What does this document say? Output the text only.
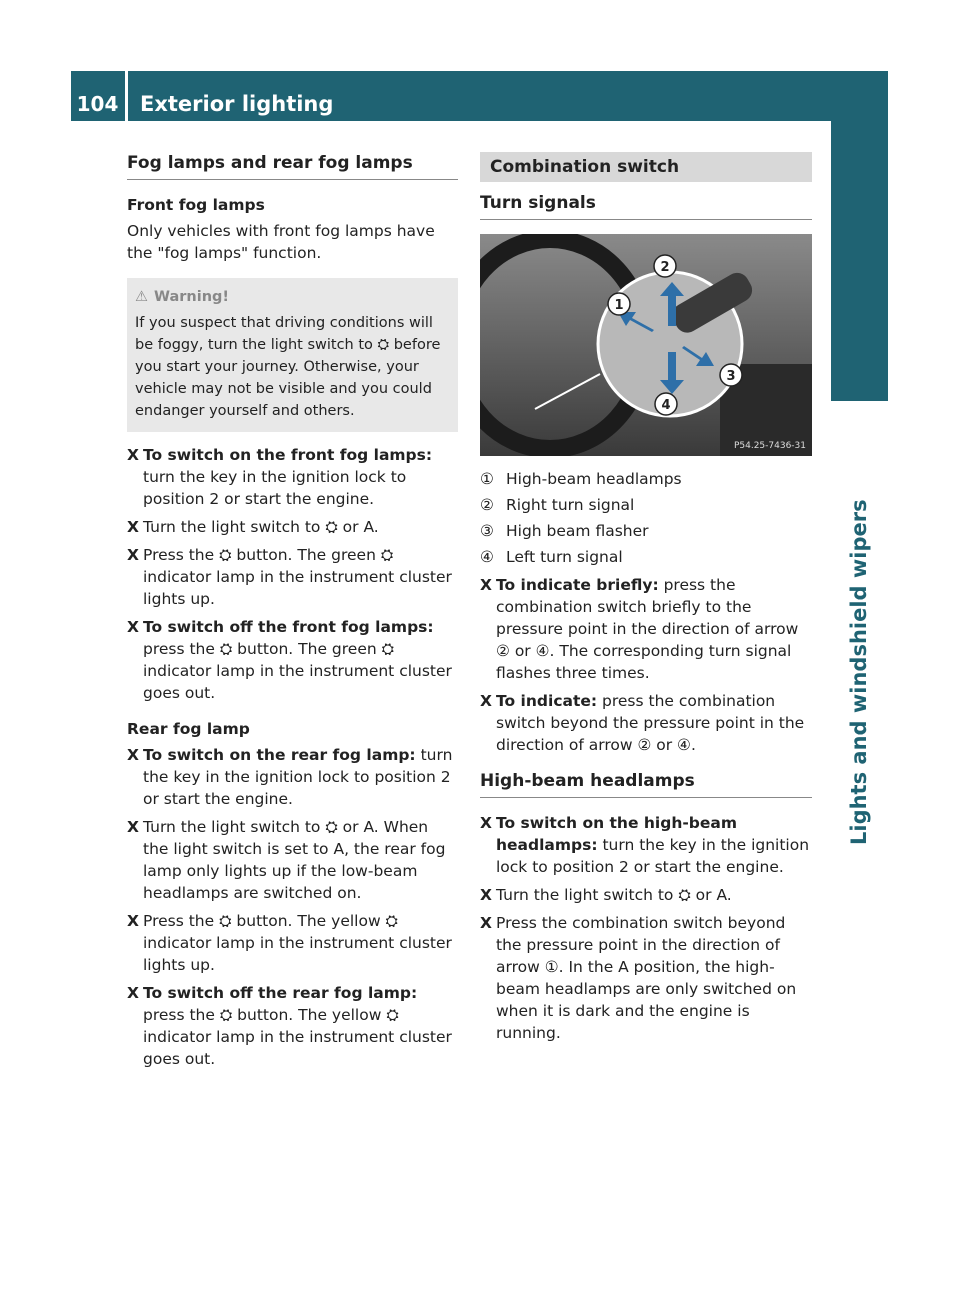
104 Exterior lighting
Lights and windshield wipers
Fog lamps and rear fog lamps
Front fog lamps

Only vehicles with front fog lamps have the "fog lamps" function.

⚠ Warning!
If you suspect that driving conditions will be foggy, turn the light switch to ⛭ before you start your journey. Otherwise, your vehicle may not be visible and you could endanger yourself and others.
X To switch on the front fog lamps: turn the key in the ignition lock to position 2 or start the engine.
X Turn the light switch to ⛭ or A.
X Press the ⛭ button. The green ⛭ indicator lamp in the instrument cluster lights up.
X To switch off the front fog lamps: press the ⛭ button. The green ⛭ indicator lamp in the instrument cluster goes out.
Rear fog lamp
X To switch on the rear fog lamp: turn the key in the ignition lock to position 2 or start the engine.
X Turn the light switch to ⛭ or A. When the light switch is set to A, the rear fog lamp only lights up if the low-beam headlamps are switched on.
X Press the ⛭ button. The yellow ⛭ indicator lamp in the instrument cluster lights up.
X To switch off the rear fog lamp: press the ⛭ button. The yellow ⛭ indicator lamp in the instrument cluster goes out.
Combination switch
Turn signals
1
2
3
4
P54.25-7436-31
① High-beam headlamps
② Right turn signal
③ High beam flasher
④ Left turn signal
X To indicate briefly: press the combination switch briefly to the pressure point in the direction of arrow ② or ④. The corresponding turn signal flashes three times.
X To indicate: press the combination switch beyond the pressure point in the direction of arrow ② or ④.
High-beam headlamps
X To switch on the high-beam headlamps: turn the key in the ignition lock to position 2 or start the engine.
X Turn the light switch to ⛭ or A.
X Press the combination switch beyond the pressure point in the direction of arrow ①. In the A position, the high-beam headlamps are only switched on when it is dark and the engine is running.
